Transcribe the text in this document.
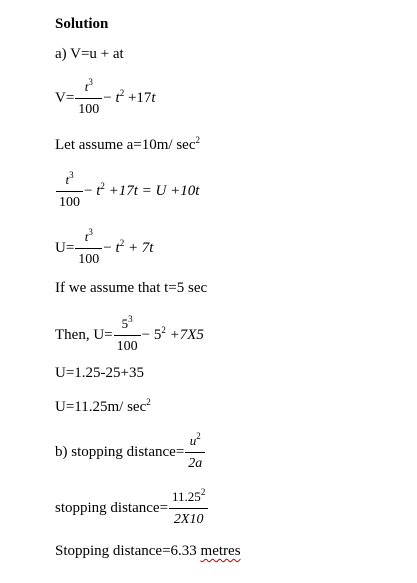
Solution
a) V=u + at
$V= \frac{t^3}{100} - t^2 +17t$
Let assume a=10m/ $\sec^2$
$\frac{t^3}{100} - t^2 +17t = U +10t$
$U= \frac{t^3}{100} - t^2 + 7t$
If we assume that t=5 sec
Then, $U= \frac{5^3}{100} - 5^2 +7X5$
U=1.25-25+35
U=11.25m/ $\sec^2$
b) stopping distance= $\frac{u^2}{2a}$
stopping distance= $\frac{11.25^2}{2X10}$
Stopping distance=6.33 metres
